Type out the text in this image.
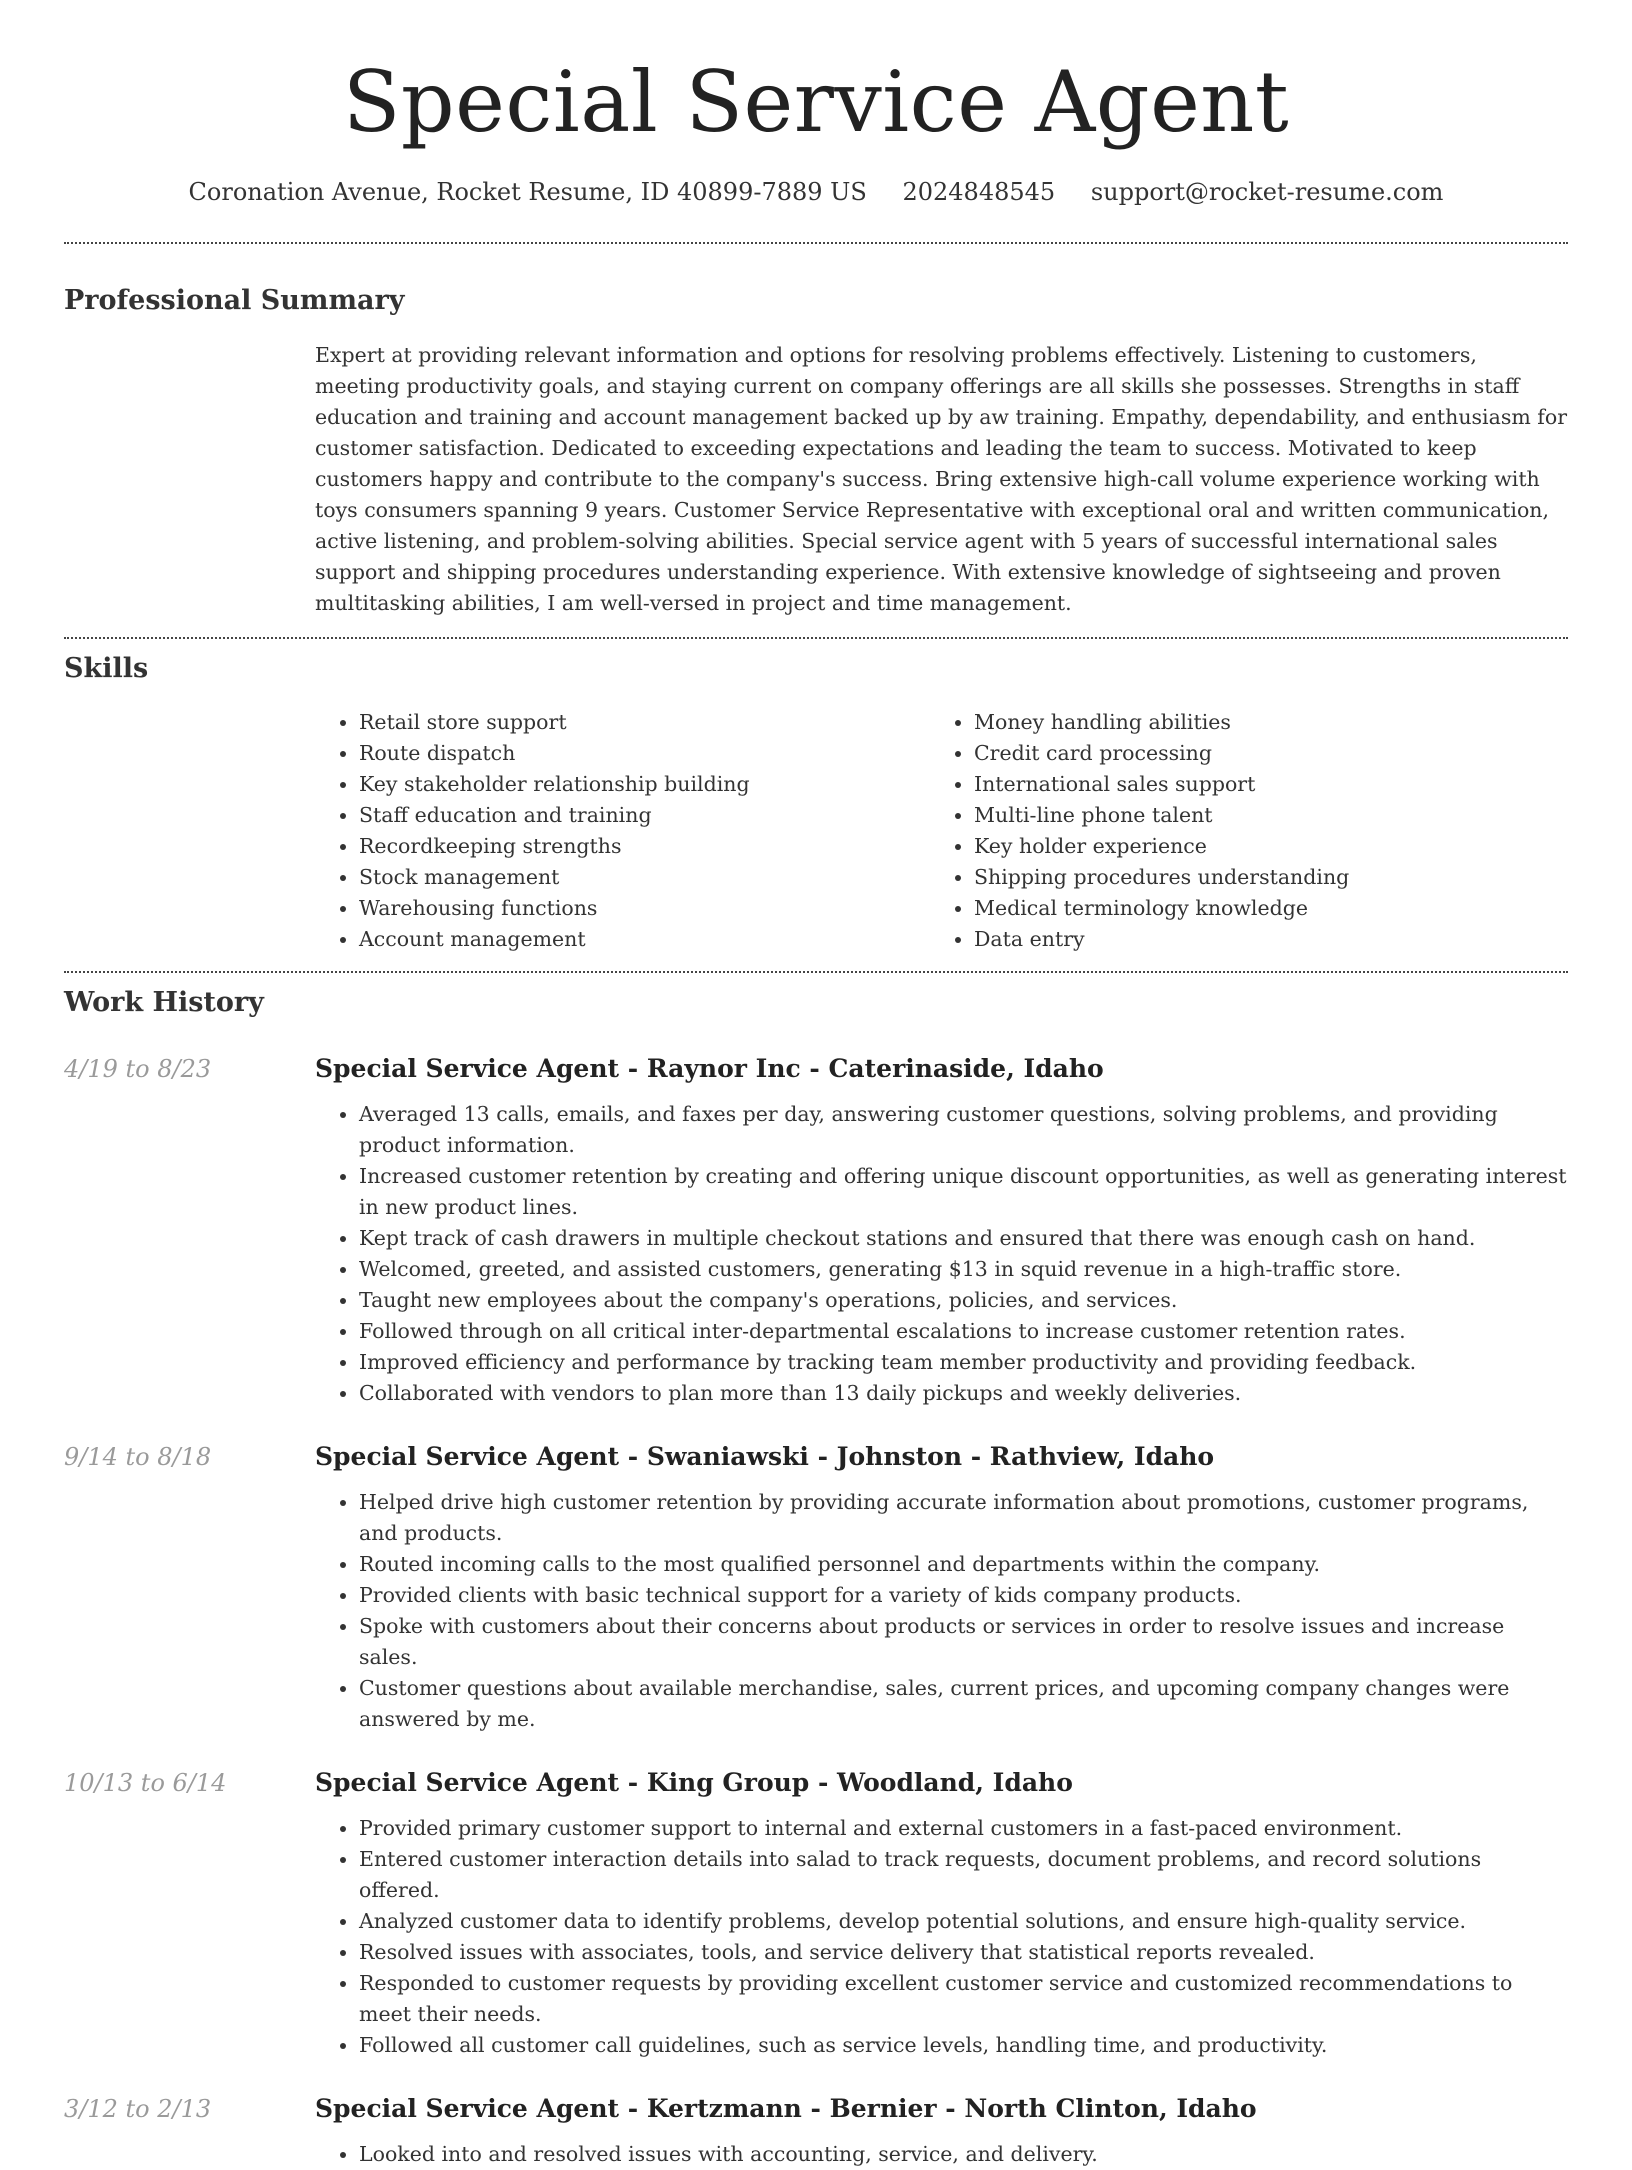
Special Service Agent
Coronation Avenue, Rocket Resume, ID 40899-7889 US 2024848545 support@rocket-resume.com
Professional Summary

Expert at providing relevant information and options for resolving problems effectively. Listening to customers, meeting productivity goals, and staying current on company offerings are all skills she possesses. Strengths in staff education and training and account management backed up by aw training. Empathy, dependability, and enthusiasm for customer satisfaction. Dedicated to exceeding expectations and leading the team to success. Motivated to keep customers happy and contribute to the company's success. Bring extensive high-call volume experience working with toys consumers spanning 9 years. Customer Service Representative with exceptional oral and written communication, active listening, and problem-solving abilities. Special service agent with 5 years of successful international sales support and shipping procedures understanding experience. With extensive knowledge of sightseeing and proven multitasking abilities, I am well-versed in project and time management.

Skills
• Retail store support
• Route dispatch
• Key stakeholder relationship building
• Staff education and training
• Recordkeeping strengths
• Stock management
• Warehousing functions
• Account management
• Money handling abilities
• Credit card processing
• International sales support
• Multi-line phone talent
• Key holder experience
• Shipping procedures understanding
• Medical terminology knowledge
• Data entry
Work History
4/19 to 8/23	Special Service Agent - Raynor Inc - Caterinaside, Idaho
• Averaged 13 calls, emails, and faxes per day, answering customer questions, solving problems, and providing product information.
• Increased customer retention by creating and offering unique discount opportunities, as well as generating interest in new product lines.
• Kept track of cash drawers in multiple checkout stations and ensured that there was enough cash on hand.
• Welcomed, greeted, and assisted customers, generating $13 in squid revenue in a high-traffic store.
• Taught new employees about the company's operations, policies, and services.
• Followed through on all critical inter-departmental escalations to increase customer retention rates.
• Improved efficiency and performance by tracking team member productivity and providing feedback.
• Collaborated with vendors to plan more than 13 daily pickups and weekly deliveries.
9/14 to 8/18	Special Service Agent - Swaniawski - Johnston - Rathview, Idaho
• Helped drive high customer retention by providing accurate information about promotions, customer programs, and products.
• Routed incoming calls to the most qualified personnel and departments within the company.
• Provided clients with basic technical support for a variety of kids company products.
• Spoke with customers about their concerns about products or services in order to resolve issues and increase sales.
• Customer questions about available merchandise, sales, current prices, and upcoming company changes were answered by me.
10/13 to 6/14	Special Service Agent - King Group - Woodland, Idaho
• Provided primary customer support to internal and external customers in a fast-paced environment.
• Entered customer interaction details into salad to track requests, document problems, and record solutions offered.
• Analyzed customer data to identify problems, develop potential solutions, and ensure high-quality service.
• Resolved issues with associates, tools, and service delivery that statistical reports revealed.
• Responded to customer requests by providing excellent customer service and customized recommendations to meet their needs.
• Followed all customer call guidelines, such as service levels, handling time, and productivity.
3/12 to 2/13	Special Service Agent - Kertzmann - Bernier - North Clinton, Idaho
• Looked into and resolved issues with accounting, service, and delivery.
